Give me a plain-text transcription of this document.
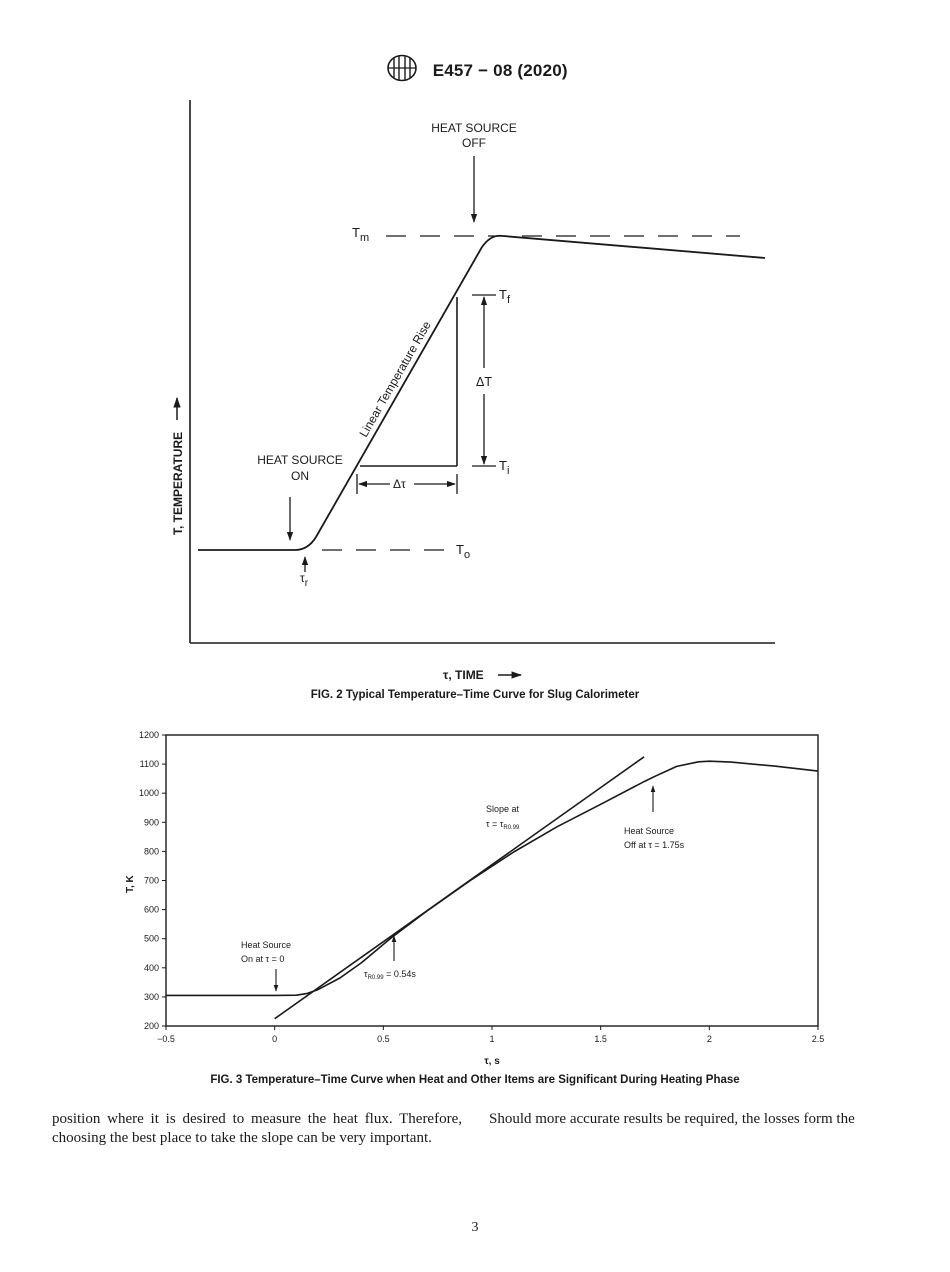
E457 − 08 (2020)
ΔT
Δτ
$T_m$
$T_f$
$T_i$
$T_o$
HEAT SOURCE
OFF
HEAT SOURCE
ON
$\tau_r$
Linear Temperature Rise
T, TEMPERATURE
τ, TIME
FIG. 2 Typical Temperature–Time Curve for Slug Calorimeter
−0.5	0	0.5	1	1.5	2	2.5
200
300
400
500
600
700
800
900
1000
1100
1200
Heat Source
On at τ = 0
Heat Source
Off at τ = 1.75s
Slope at
$\tau = \tau_{R0.99}$
$\tau_{R0.99} = 0.54s$
T, K
τ, s
FIG. 3 Temperature–Time Curve when Heat and Other Items are Significant During Heating Phase
position where it is desired to measure the heat flux. Therefore, choosing the best place to take the slope can be very important.
Should more accurate results be required, the losses form the
3
